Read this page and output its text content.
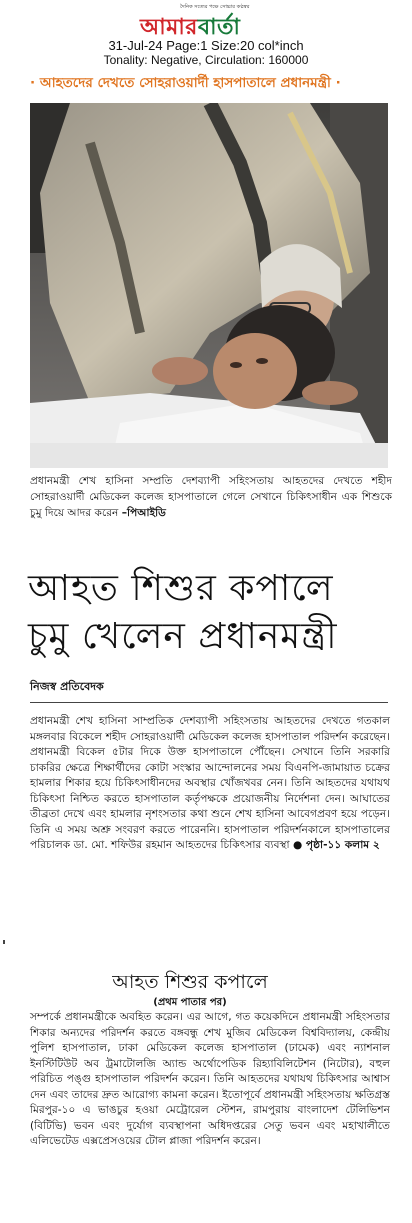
দৈনিক সত্যের পক্ষে সোচ্চার কণ্ঠস্বর
আমারবার্তা
31-Jul-24 Page:1 Size:20 col*inch
Tonality: Negative, Circulation: 160000
· আহতদের দেখতে সোহরাওয়ার্দী হাসপাতালে প্রধানমন্ত্রী ·
প্রধানমন্ত্রী শেখ হাসিনা সম্প্রতি দেশব্যাপী সহিংসতায় আহতদের দেখতে শহীদ সোহরাওয়ার্দী মেডিকেল কলেজ হাসপাতালে গেলে সেখানে চিকিৎসাধীন এক শিশুকে চুমু দিয়ে আদর করেন –পিআইডি
আহত শিশুর কপালে
চুমু খেলেন প্রধানমন্ত্রী
নিজস্ব প্রতিবেদক
প্রধানমন্ত্রী শেখ হাসিনা সাম্প্রতিক দেশব্যাপী সহিংসতায় আহতদের দেখতে গতকাল মঙ্গলবার বিকেলে শহীদ সোহরাওয়ার্দী মেডিকেল কলেজ হাসপাতাল পরিদর্শন করেছেন। প্রধানমন্ত্রী বিকেল ৫টার দিকে উক্ত হাসপাতালে পৌঁছেন। সেখানে তিনি সরকারি চাকরির ক্ষেত্রে শিক্ষার্থীদের কোটা সংস্কার আন্দোলনের সময় বিএনপি-জামায়াত চক্রের হামলার শিকার হয়ে চিকিৎসাধীনদের অবস্থার খোঁজখবর নেন। তিনি আহতদের যথাযথ চিকিৎসা নিশ্চিত করতে হাসপাতাল কর্তৃপক্ষকে প্রয়োজনীয় নির্দেশনা দেন। আঘাতের তীব্রতা দেখে এবং হামলার নৃশংসতার কথা শুনে শেখ হাসিনা আবেগপ্রবণ হয়ে পড়েন। তিনি এ সময় অশ্রু সংবরণ করতে পারেননি। হাসপাতাল পরিদর্শনকালে হাসপাতালের পরিচালক ডা. মো. শফিউর রহমান আহতদের চিকিৎসার ব্যবস্থা ● পৃষ্ঠা-১১ কলাম ২
আহত শিশুর কপালে
(প্রথম পাতার পর)
সম্পর্কে প্রধানমন্ত্রীকে অবহিত করেন। এর আগে, গত কয়েকদিনে প্রধানমন্ত্রী সহিংসতার শিকার অন্যদের পরিদর্শন করতে বঙ্গবন্ধু শেখ মুজিব মেডিকেল বিশ্ববিদ্যালয়, কেন্দ্রীয় পুলিশ হাসপাতাল, ঢাকা মেডিকেল কলেজ হাসপাতাল (ঢামেক) এবং ন্যাশনাল ইনস্টিটিউট অব ট্রমাটোলজি অ্যান্ড অর্থোপেডিক রিহ্যাবিলিটেশন (নিটোর), বহুল পরিচিত পঙ্গু হাসপাতাল পরিদর্শন করেন। তিনি আহতদের যথাযথ চিকিৎসার আশ্বাস দেন এবং তাদের দ্রুত আরোগ্য কামনা করেন। ইতোপূর্বে প্রধানমন্ত্রী সহিংসতায় ক্ষতিগ্রস্ত মিরপুর-১০ এ ভাঙচুর হওয়া মেট্রোরেল স্টেশন, রামপুরায় বাংলাদেশ টেলিভিশন (বিটিভি) ভবন এবং দুর্যোগ ব্যবস্থাপনা অধিদপ্তরের সেতু ভবন এবং মহাখালীতে এলিভেটেড এক্সপ্রেসওয়ের টোল প্লাজা পরিদর্শন করেন।
